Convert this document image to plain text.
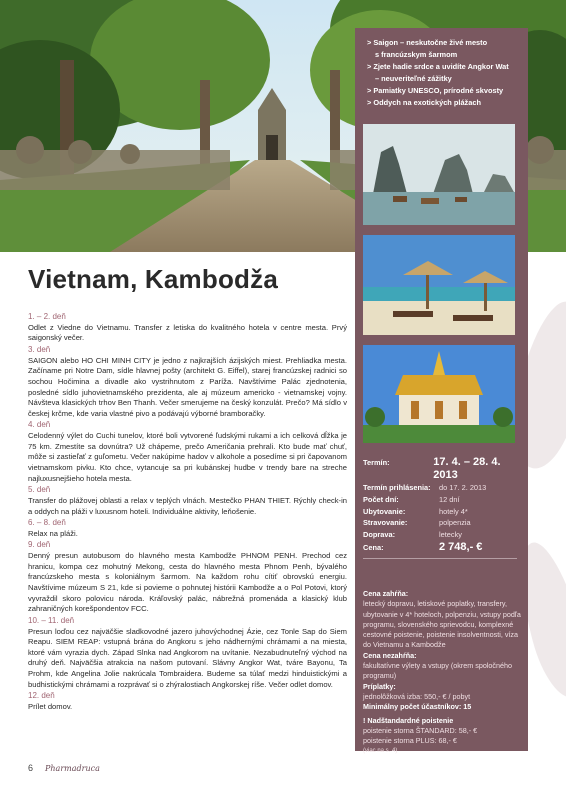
> Saigon – neskutočne živé mesto
s francúzskym šarmom
> Zjete hadie srdce a uvidíte Angkor Wat
– neuveriteľné zážitky
> Pamiatky UNESCO, prírodné skvosty
> Oddych na exotických plážach
Termín:	17. 4. – 28. 4. 2013
Termín prihlásenia:	do 17. 2. 2013
Počet dní:	12 dní
Ubytovanie:	hotely 4*
Stravovanie:	polpenzia
Doprava:	letecky
Cena:	2 748,- €
Cena zahŕňa:
letecký dopravu, letiskové poplatky, transfery, ubytovanie v 4* hoteloch, polpenziu, vstupy podľa programu, slovenského sprievodcu, komplexné cestovné poistenie, poistenie insolventnosti, víza do Vietnamu a Kambodže
Cena nezahŕňa:
fakultatívne výlety a vstupy (okrem spoločného programu)
Príplatky:
jednolôžková izba: 550,- € / pobyt
Minimálny počet účastníkov: 15
! Nadštandardné poistenie
poistenie storna ŠTANDARD: 58,- €
poistenie storna PLUS: 68,- €
(viac na s. 4)
Vietnam, Kambodža
1. – 2. deň

Odlet z Viedne do Vietnamu. Transfer z letiska do kvalitného hotela v centre mesta. Prvý saigonský večer.

3. deň

SAIGON alebo HO CHI MINH CITY je jedno z najkrajších ázijských miest. Prehliadka mesta. Začíname pri Notre Dam, sídle hlavnej pošty (architekt G. Eiffel), starej francúzskej radnici so sochou Hočimina a divadle ako vystrihnutom z Paríža. Navštívime Palác zjednotenia, posledné sídlo juhovietnamského prezidenta, ale aj múzeum americko - vietnamskej vojny. Návšteva klasických trhov Ben Thanh. Večer smerujeme na český konzulát. Prečo? Má sídlo v českej krčme, kde varia vlastné pivo a podávajú výborné bramboračky.

4. deň

Celodenný výlet do Cuchi tunelov, ktoré boli vytvorené ľudskými rukami a ich celková dĺžka je 75 km. Zmestíte sa dovnútra? Už chápeme, prečo Američania prehrali. Kto bude mať chuť, môže si zastieľať z guľometu. Večer nakúpime hadov v alkohole a posedíme si pri čapovanom vietnamskom pivku. Kto chce, vytancuje sa pri kubánskej hudbe v trendy bare na streche najluxusnejšieho hotela mesta.

5. deň

Transfer do plážovej oblasti a relax v teplých vlnách. Mestečko PHAN THIET. Rýchly check-in a oddych na pláži v luxusnom hoteli. Individuálne aktivity, leňošenie.

6. – 8. deň

Relax na pláži.

9. deň

Denný presun autobusom do hlavného mesta Kambodže PHNOM PENH. Prechod cez hranicu, kompa cez mohutný Mekong, cesta do hlavného mesta Phnom Penh, bývalého francúzskeho mesta s koloniálnym šarmom. Na každom rohu cítiť obrovskú energiu. Navštívime múzeum S 21, kde si povieme o pohnutej histórii Kambodže a o Pol Potovi, ktorý vyvraždil skoro polovicu národa. Kráľovský palác, nábrežná promenáda a klasický klub zahraničných korešpondentov FCC.

10. – 11. deň

Presun loďou cez najväčšie sladkovodné jazero juhovýchodnej Ázie, cez Tonle Sap do Siem Reapu. SIEM REAP: vstupná brána do Angkoru s jeho nádhernými chrámami a na miesta, ktoré vám vyrazia dych. Západ Slnka nad Angkorom na uvítanie. Nezabudnuteľný východ na druhý deň. Najväčšia atrakcia na našom putovaní. Slávny Angkor Wat, tváre Bayonu, Ta Prohm, kde Angelina Jolie nakrúcala Tombraidera. Budeme sa túlať medzi hinduistickými a budhistickými chrámami a rozprávať si o zhýralostiach Angkorskej ríše. Večer odlet domov.

12. deň

Prílet domov.

6 Pharmadruca
